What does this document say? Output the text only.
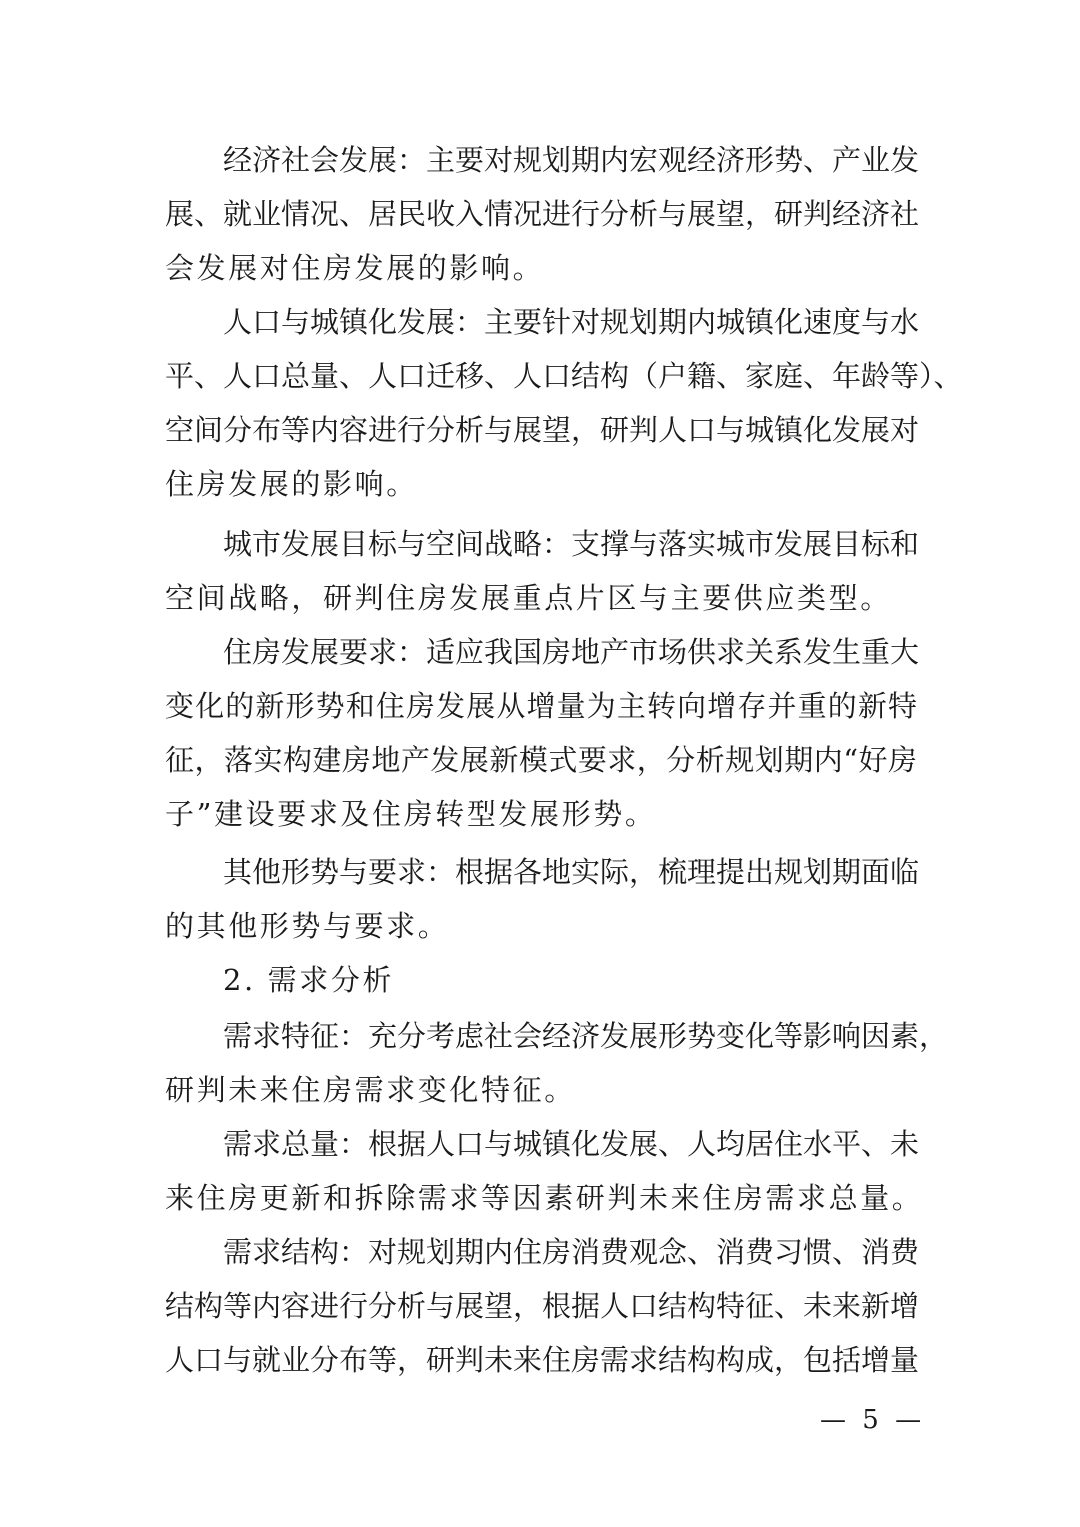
经济社会发展：主要对规划期内宏观经济形势、产业发
展、就业情况、居民收入情况进行分析与展望，研判经济社
会发展对住房发展的影响。
人口与城镇化发展：主要针对规划期内城镇化速度与水
平、人口总量、人口迁移、人口结构（户籍、家庭、年龄等）、
空间分布等内容进行分析与展望，研判人口与城镇化发展对
住房发展的影响。
城市发展目标与空间战略：支撑与落实城市发展目标和
空间战略，研判住房发展重点片区与主要供应类型。
住房发展要求：适应我国房地产市场供求关系发生重大
变化的新形势和住房发展从增量为主转向增存并重的新特
征，落实构建房地产发展新模式要求，分析规划期内“好房
子”建设要求及住房转型发展形势。
其他形势与要求：根据各地实际，梳理提出规划期面临
的其他形势与要求。
2. 需求分析
需求特征：充分考虑社会经济发展形势变化等影响因素，
研判未来住房需求变化特征。
需求总量：根据人口与城镇化发展、人均居住水平、未
来住房更新和拆除需求等因素研判未来住房需求总量。
需求结构：对规划期内住房消费观念、消费习惯、消费
结构等内容进行分析与展望，根据人口结构特征、未来新增
人口与就业分布等，研判未来住房需求结构构成，包括增量
— 5 —
